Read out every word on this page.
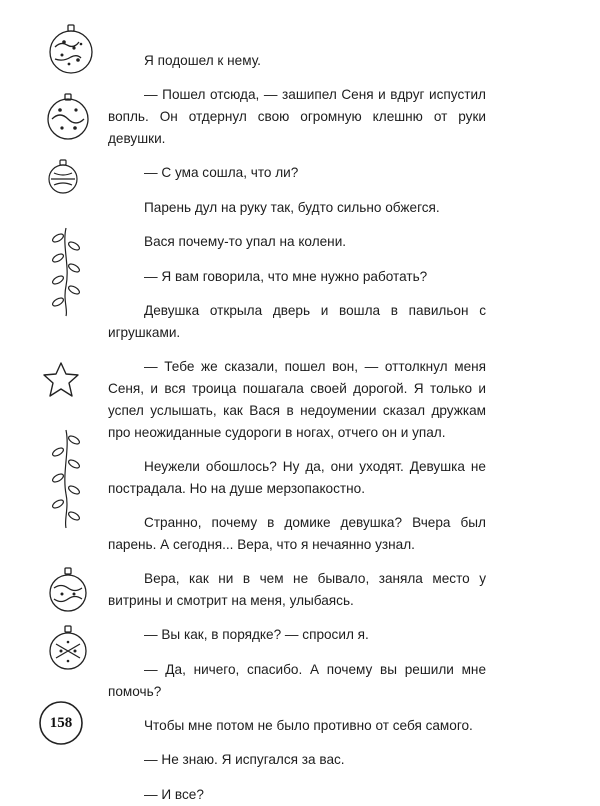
Я подошел к нему.

— Пошел отсюда, — зашипел Сеня и вдруг испустил вопль. Он отдернул свою огромную клешню от руки девушки.

— С ума сошла, что ли?

Парень дул на руку так, будто сильно обжегся.

Вася почему-то упал на колени.

— Я вам говорила, что мне нужно работать?

Девушка открыла дверь и вошла в павильон с игрушками.

— Тебе же сказали, пошел вон, — оттолкнул меня Сеня, и вся троица пошагала своей дорогой. Я только и успел услышать, как Вася в недоумении сказал дружкам про неожиданные судороги в ногах, отчего он и упал.

Неужели обошлось? Ну да, они уходят. Девушка не пострадала. Но на душе мерзопакостно.

Странно, почему в домике девушка? Вчера был парень. А сегодня... Вера, что я нечаянно узнал.

Вера, как ни в чем не бывало, заняла место у витрины и смотрит на меня, улыбаясь.

— Вы как, в порядке? — спросил я.

— Да, ничего, спасибо. А почему вы решили мне помочь?

Чтобы мне потом не было противно от себя самого.

— Не знаю. Я испугался за вас.

— И все?

158
